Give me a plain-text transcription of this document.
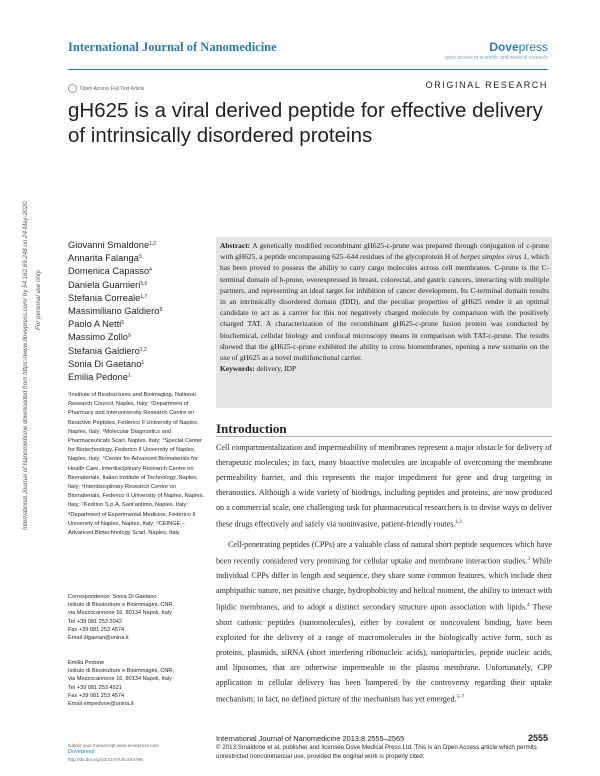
International Journal of Nanomedicine	Dovepress
open access to scientific and medical research
Open Access Full Text Article	ORIGINAL RESEARCH
gH625 is a viral derived peptide for effective delivery of intrinsically disordered proteins
International Journal of Nanomedicine downloaded from https://www.dovepress.com/ by 54.162.69.248 on 24-May-2020 For personal use only.
Giovanni Smaldone$^{1,2}$
Annarita Falanga$^3$
Domenica Capasso$^4$
Daniela Guarnieri$^{5,6}$
Stefania Correale$^{1,7}$
Massimiliano Galdiero$^8$
Paolo A Netti$^6$
Massimo Zollo$^9$
Stefania Galdiero$^{1,2}$
Sonia Di Gaetano$^1$
Emilia Pedone$^1$
¹Institute of Biostructures and Bioimaging, National Research Council, Naples, Italy; ²Department of Pharmacy and Interuniversity Research Centre on Bioactive Peptides, Federico II University of Naples, Naples, Italy; ³Molecular Diagnostics and Pharmaceuticals Scarl, Naples, Italy; ⁴Special Center for Biotechnology, Federico II University of Naples, Naples, Italy; ⁵Center for Advanced Biomaterials for Health Care, Interdisciplinary Research Centre on Biomaterials, Italian Institute of Technology, Naples, Italy; ⁶Interdisciplinary Research Centre on Biomaterials, Federico II University of Naples, Naples, Italy; ⁷Kedrion S.p.A, Sant'antimo, Naples, Italy; ⁸Department of Experimental Medicine, Federico II University of Naples, Naples, Italy; ⁹CEINGE – Advanced Biotechnology Scarl, Naples, Italy
Correspondence: Sonia Di Gaetano
Istituto di Biostrutture e Bioimmagini, CNR,
via Mezzocannone 16, 80134 Napoli, Italy
Tel +39 081 253 2042
Fax +39 081 253 4574
Email digaetan@unina.it
Emilia Pedone
Istituto di Biostrutture e Bioimmagini, CNR,
via Mezzocannone 16, 80134 Napoli, Italy
Tel +39 081 253 4521
Fax +39 081 253 4574
Email empedone@unina.it
Abstract: A genetically modified recombinant gH625-c-prune was prepared through conjugation of c-prune with gH625, a peptide encompassing 625–644 residues of the glycoprotein H of herpes simplex virus 1, which has been proved to possess the ability to carry cargo molecules across cell membranes. C-prune is the C-terminal domain of h-prune, overexpressed in breast, colorectal, and gastric cancers, interacting with multiple partners, and representing an ideal target for inhibition of cancer development. Its C-terminal domain results in an intrinsically disordered domain (IDD), and the peculiar properties of gH625 render it an optimal candidate to act as a carrier for this not negatively charged molecule by comparison with the positively charged TAT. A characterization of the recombinant gH625-c-prune fusion protein was conducted by biochemical, cellular biology and confocal microscopy means in comparison with TAT-c-prune. The results showed that the gH625-c-prune exhibited the ability to cross biomembranes, opening a new scenario on the use of gH625 as a novel multifunctional carrier.
Keywords: delivery, IDP
Introduction

Cell compartmentalization and impermeability of membranes represent a major obstacle for delivery of therapeutic molecules; in fact, many bioactive molecules are incapable of overcoming the membrane permeability barrier, and this represents the major impediment for gene and drug targeting in theranostics. Although a wide variety of biodrugs, including peptides and proteins, are now produced on a commercial scale, one challenging task for pharmaceutical researchers is to devise ways to deliver these drugs effectively and safely via noninvasive, patient-friendly routes.$^{1,2}$

Cell-penetrating peptides (CPPs) are a valuable class of natural short peptide sequences which have been recently considered very promising for cellular uptake and membrane interaction studies.$^3$ While individual CPPs differ in length and sequence, they share some common features, which include their amphipathic nature, net positive charge, hydrophobicity and helical moment, the ability to interact with lipidic membranes, and to adopt a distinct secondary structure upon association with lipids.$^4$ These short cationic peptides (nanomolecules), either by covalent or noncovalent binding, have been exploited for the delivery of a range of macromolecules in the biologically active form, such as proteins, plasmids, siRNA (short interfering ribonucleic acids), nanoparticles, peptide nucleic acids, and liposomes, that are otherwise impermeable to the plasma membrane. Unfortunately, CPP application in cellular delivery has been hampered by the controversy regarding their uptake mechanism; in fact, no defined picture of the mechanism has yet emerged.$^{5-7}$

submit your manuscript www.dovepress.com
Dovepress
http://dx.doi.org/10.2147/IJN.S44766
International Journal of Nanomedicine 2013:8 2555–2565	2555
© 2013 Smaldone et al, publisher and licensee Dove Medical Press Ltd. This is an Open Access article which permits unrestricted noncommercial use, provided the original work is properly cited.
